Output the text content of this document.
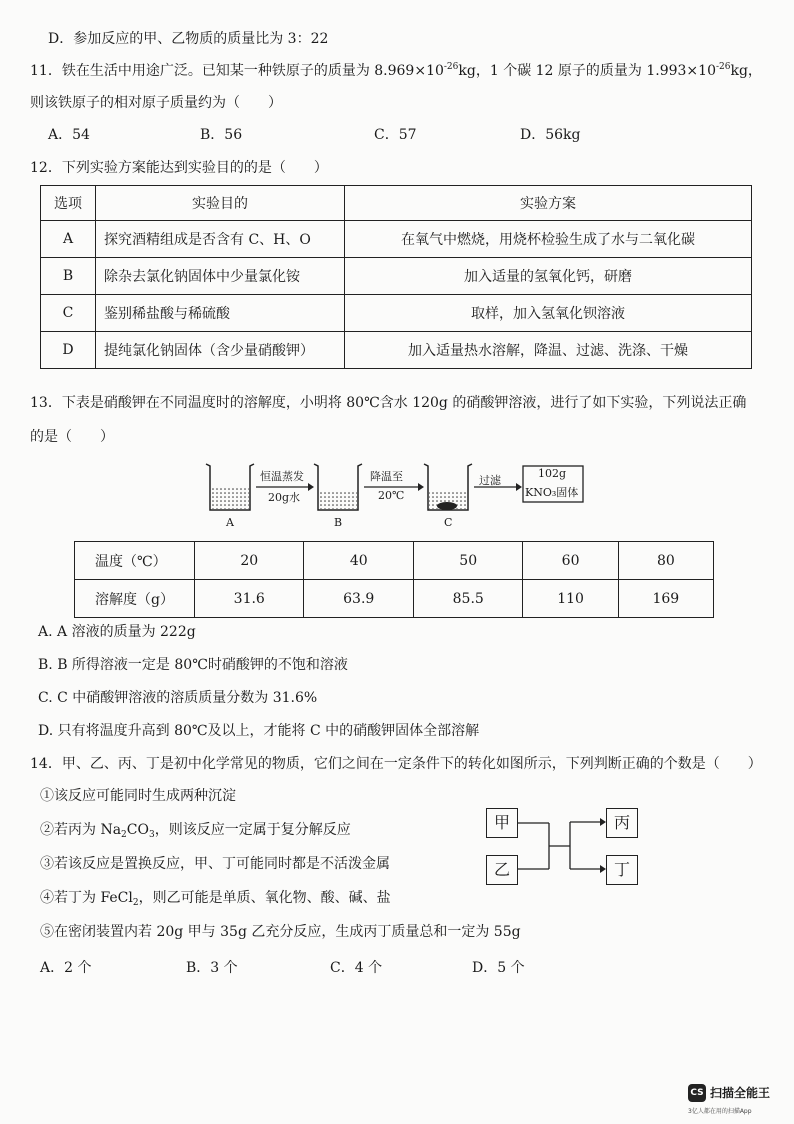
D．参加反应的甲、乙物质的质量比为 3：22
11．铁在生活中用途广泛。已知某一种铁原子的质量为 $8.969\times 10^{-26}kg$，1 个碳 12 原子的质量为 $1.993\times 10^{-26}kg$，
则该铁原子的相对原子质量约为（　　）
A．54	B．56	C．57	D．56kg
12．下列实验方案能达到实验目的的是（　　）
选项	实验目的	实验方案
A	探究酒精组成是否含有 C、H、O	在氧气中燃烧，用烧杯检验生成了水与二氧化碳
B	除杂去氯化钠固体中少量氯化铵	加入适量的氢氧化钙，研磨
C	鉴别稀盐酸与稀硫酸	取样，加入氢氧化钡溶液
D	提纯氯化钠固体（含少量硝酸钾）	加入适量热水溶解，降温、过滤、洗涤、干燥
13．下表是硝酸钾在不同温度时的溶解度，小明将 80℃含水 120g 的硝酸钾溶液，进行了如下实验，下列说法正确
的是（　　）
恒温蒸发
20g水
降温至
20℃
过滤
102g
KNO₃固体
A	B	C
温度（℃）	20	40	50	60	80
溶解度（g）	31.6	63.9	85.5	110	169
A. A 溶液的质量为 222g
B. B 所得溶液一定是 80℃时硝酸钾的不饱和溶液
C. C 中硝酸钾溶液的溶质质量分数为 31.6%
D. 只有将温度升高到 80℃及以上，才能将 C 中的硝酸钾固体全部溶解
14．甲、乙、丙、丁是初中化学常见的物质，它们之间在一定条件下的转化如图所示，下列判断正确的个数是（　　）
①该反应可能同时生成两种沉淀
②若丙为 $Na_2CO_3$，则该反应一定属于复分解反应
③若该反应是置换反应，甲、丁可能同时都是不活泼金属
④若丁为 FeCl$_2$，则乙可能是单质、氧化物、酸、碱、盐
⑤在密闭装置内若 20g 甲与 35g 乙充分反应，生成丙丁质量总和一定为 55g
甲
乙
丙
丁
A．2 个	B．3 个	C．4 个	D．5 个
CS 扫描全能王
3亿人都在用的扫描App
